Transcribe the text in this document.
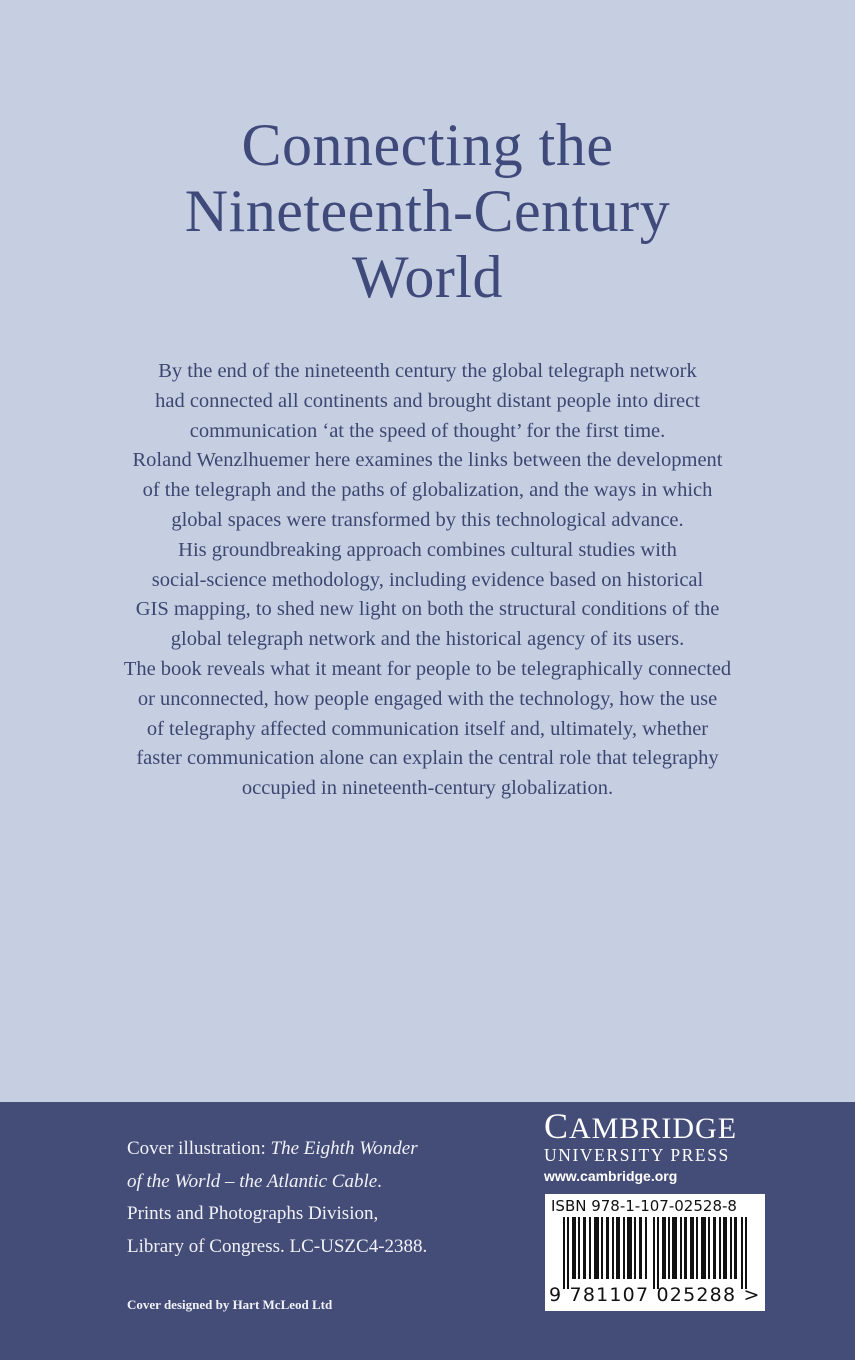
Connecting the
Nineteenth-Century
World
By the end of the nineteenth century the global telegraph network
had connected all continents and brought distant people into direct
communication ‘at the speed of thought’ for the first time.
Roland Wenzlhuemer here examines the links between the development
of the telegraph and the paths of globalization, and the ways in which
global spaces were transformed by this technological advance.
His groundbreaking approach combines cultural studies with
social-science methodology, including evidence based on historical
GIS mapping, to shed new light on both the structural conditions of the
global telegraph network and the historical agency of its users.
The book reveals what it meant for people to be telegraphically connected
or unconnected, how people engaged with the technology, how the use
of telegraphy affected communication itself and, ultimately, whether
faster communication alone can explain the central role that telegraphy
occupied in nineteenth-century globalization.
Cover illustration: The Eighth Wonder
of the World – the Atlantic Cable.
Prints and Photographs Division,
Library of Congress. LC-USZC4-2388.
Cover designed by Hart McLeod Ltd
CAMBRIDGE
UNIVERSITY PRESS
www.cambridge.org
ISBN 978-1-107-02528-8
9 781107 025288 >
